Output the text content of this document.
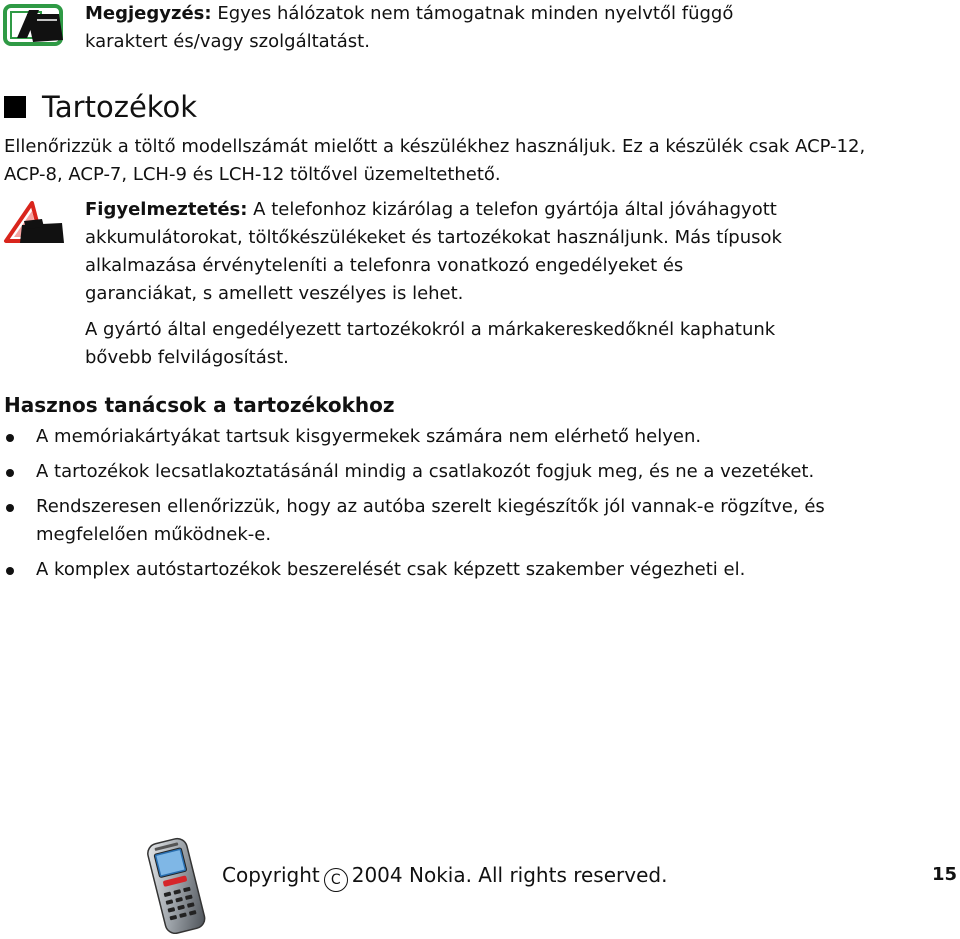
Megjegyzés: Egyes hálózatok nem támogatnak minden nyelvtől függő karaktert és/vagy szolgáltatást.
Tartozékok
Ellenőrizzük a töltő modellszámát mielőtt a készülékhez használjuk. Ez a készülék csak ACP-12, ACP-8, ACP-7, LCH-9 és LCH-12 töltővel üzemeltethető.
Figyelmeztetés: A telefonhoz kizárólag a telefon gyártója által jóváhagyott akkumulátorokat, töltőkészülékeket és tartozékokat használjunk. Más típusok alkalmazása érvényteleníti a telefonra vonatkozó engedélyeket és garanciákat, s amellett veszélyes is lehet.
A gyártó által engedélyezett tartozékokról a márkakereskedőknél kaphatunk bővebb felvilágosítást.
Hasznos tanácsok a tartozékokhoz
A memóriakártyákat tartsuk kisgyermekek számára nem elérhető helyen.
A tartozékok lecsatlakoztatásánál mindig a csatlakozót fogjuk meg, és ne a vezetéket.
Rendszeresen ellenőrizzük, hogy az autóba szerelt kiegészítők jól vannak-e rögzítve, és megfelelően működnek-e.
A komplex autóstartozékok beszerelését csak képzett szakember végezheti el.
Copyright C 2004 Nokia. All rights reserved.	15
